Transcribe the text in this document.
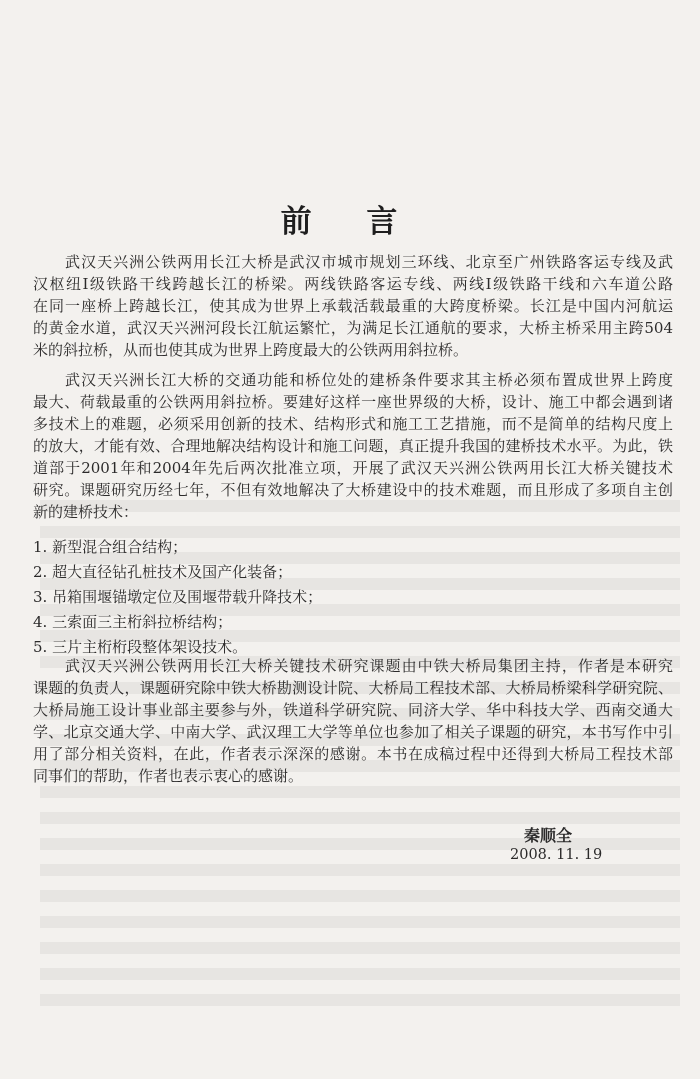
前 言
　　武汉天兴洲公铁两用长江大桥是武汉市城市规划三环线、北京至广州铁路客运专线及武
汉枢纽Ⅰ级铁路干线跨越长江的桥梁。两线铁路客运专线、两线Ⅰ级铁路干线和六车道公路
在同一座桥上跨越长江，使其成为世界上承载活载最重的大跨度桥梁。长江是中国内河航运
的黄金水道，武汉天兴洲河段长江航运繁忙，为满足长江通航的要求，大桥主桥采用主跨504
米的斜拉桥，从而也使其成为世界上跨度最大的公铁两用斜拉桥。
　　武汉天兴洲长江大桥的交通功能和桥位处的建桥条件要求其主桥必须布置成世界上跨度
最大、荷载最重的公铁两用斜拉桥。要建好这样一座世界级的大桥，设计、施工中都会遇到诸
多技术上的难题，必须采用创新的技术、结构形式和施工工艺措施，而不是简单的结构尺度上
的放大，才能有效、合理地解决结构设计和施工问题，真正提升我国的建桥技术水平。为此，铁
道部于2001年和2004年先后两次批准立项，开展了武汉天兴洲公铁两用长江大桥关键技术
研究。课题研究历经七年，不但有效地解决了大桥建设中的技术难题，而且形成了多项自主创
新的建桥技术：
1. 新型混合组合结构；
2. 超大直径钻孔桩技术及国产化装备；
3. 吊箱围堰锚墩定位及围堰带载升降技术；
4. 三索面三主桁斜拉桥结构；
5. 三片主桁桁段整体架设技术。
　　武汉天兴洲公铁两用长江大桥关键技术研究课题由中铁大桥局集团主持，作者是本研究
课题的负责人，课题研究除中铁大桥勘测设计院、大桥局工程技术部、大桥局桥梁科学研究院、
大桥局施工设计事业部主要参与外，铁道科学研究院、同济大学、华中科技大学、西南交通大
学、北京交通大学、中南大学、武汉理工大学等单位也参加了相关子课题的研究，本书写作中引
用了部分相关资料，在此，作者表示深深的感谢。本书在成稿过程中还得到大桥局工程技术部
同事们的帮助，作者也表示衷心的感谢。
秦顺全
2008. 11. 19
